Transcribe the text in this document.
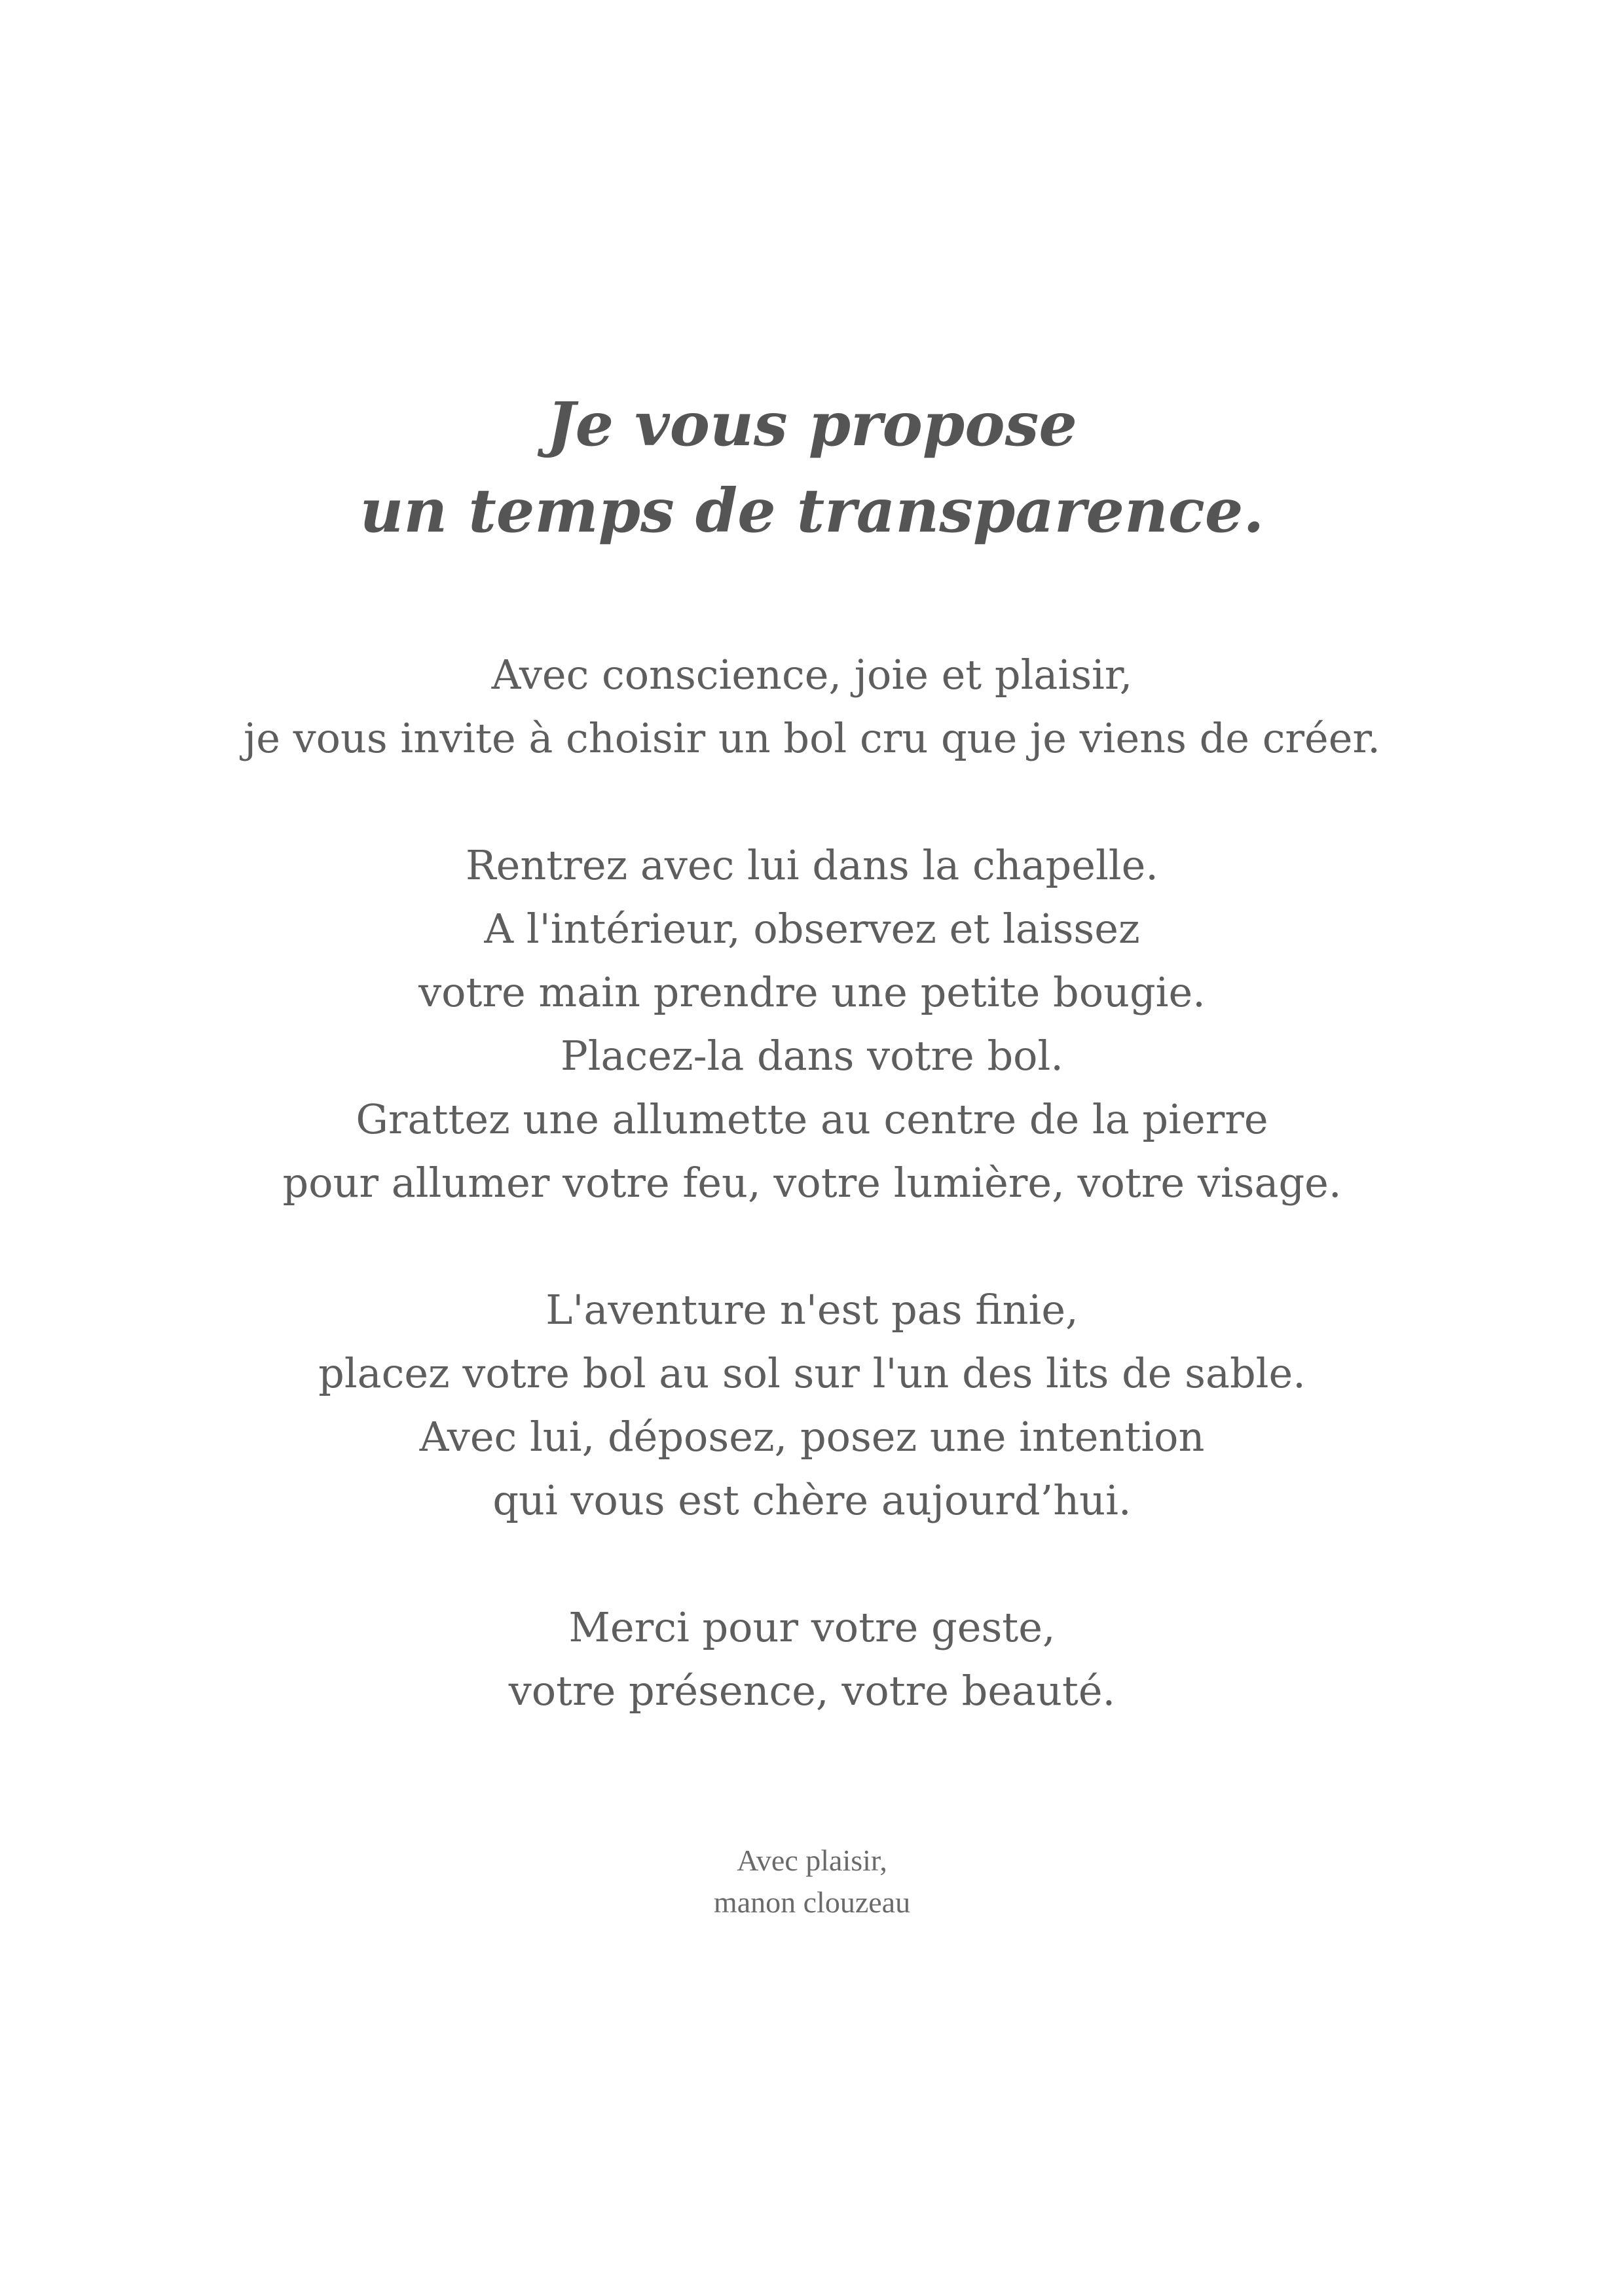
Je vous propose
un temps de transparence.

Avec conscience, joie et plaisir,
je vous invite à choisir un bol cru que je viens de créer.

Rentrez avec lui dans la chapelle.
A l'intérieur, observez et laissez
votre main prendre une petite bougie.
Placez-la dans votre bol.
Grattez une allumette au centre de la pierre
pour allumer votre feu, votre lumière, votre visage.

L'aventure n'est pas finie,
placez votre bol au sol sur l'un des lits de sable.
Avec lui, déposez, posez une intention
qui vous est chère aujourd’hui.

Merci pour votre geste,
votre présence, votre beauté.

Avec plaisir,
manon clouzeau
